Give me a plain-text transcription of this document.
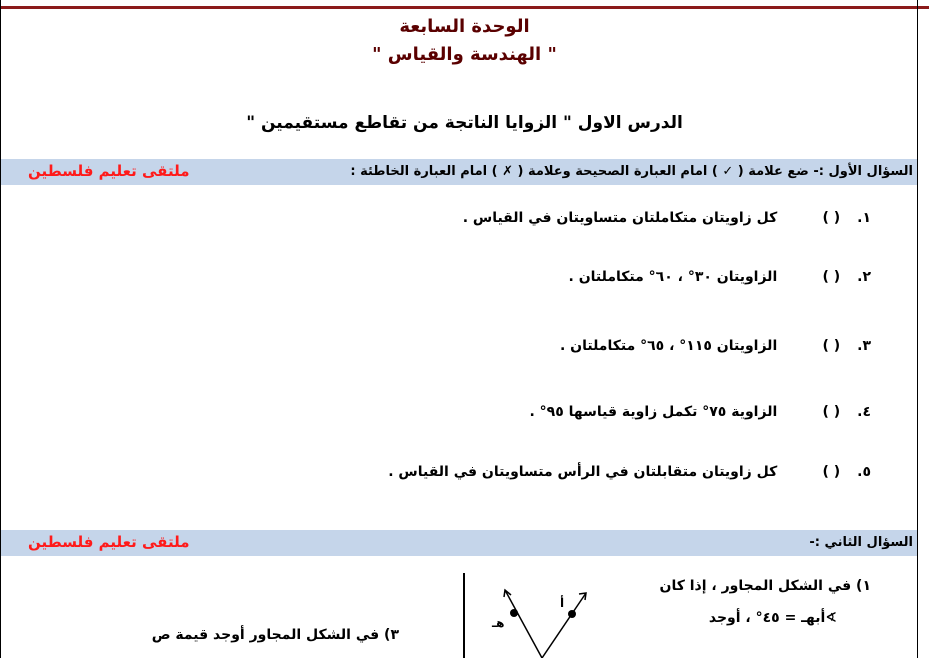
الوحدة السابعة
" الهندسة والقياس "
الدرس الاول " الزوايا الناتجة من تقاطع مستقيمين "
السؤال الأول :- ضع علامة ( ✓ ) امام العبارة الصحيحة وعلامة ( ✗ ) امام العبارة الخاطئة :
ملتقى تعليم فلسطين
١. ( ) كل زاويتان متكاملتان متساويتان في القياس .
٢. ( ) الزاويتان ٣٠° ، ٦٠° متكاملتان .
٣. ( ) الزاويتان ١١٥° ، ٦٥° متكاملتان .
٤. ( ) الزاوية ٧٥° تكمل زاوية قياسها ٩٥° .
٥. ( ) كل زاويتان متقابلتان في الرأس متساويتان في القياس .
السؤال الثاني :-
ملتقى تعليم فلسطين
١) في الشكل المجاور ، إذا كان
∢أبهـ = ٤٥° ، أوجد
٣) في الشكل المجاور أوجد قيمة ص
أ
هـ
